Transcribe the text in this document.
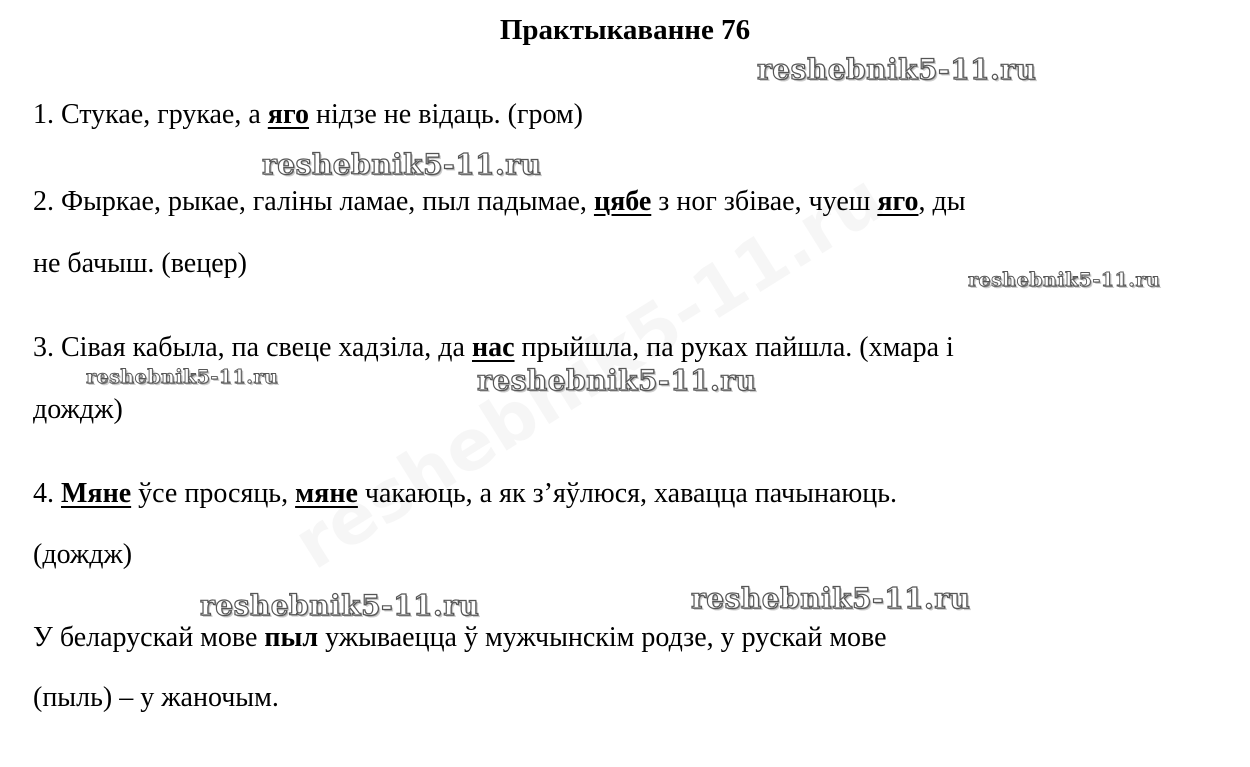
Практыкаванне 76
reshebnik5-11.ru
reshebnik5-11.ru
reshebnik5-11.ru
reshebnik5-11.ru	reshebnik5-11.ru
reshebnik5-11.ru	reshebnik5-11.ru

1. Стукае, грукае, а яго нідзе не відаць. (гром)

2. Фыркае, рыкае, галіны ламае, пыл падымае, цябе з ног збівае, чуеш яго, ды

не бачыш. (вецер)

3. Сівая кабыла, па свеце хадзіла, да нас прыйшла, па руках пайшла. (хмара і

дождж)

4. Мяне ўсе просяць, мяне чакаюць, а як з’яўлюся, хавацца пачынаюць.

(дождж)

У беларускай мове пыл ужываецца ў мужчынскім родзе, у рускай мове

(пыль) – у жаночым.
